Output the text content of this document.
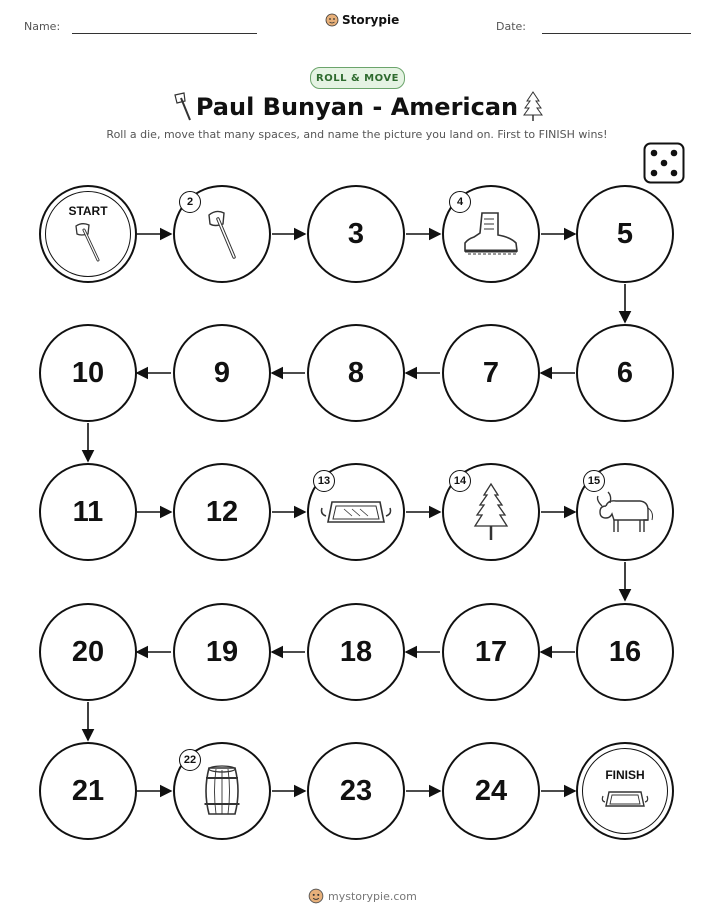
Name:	Storypie	Date:
ROLL & MOVE
Paul Bunyan - American
Roll a die, move that many spaces, and name the picture you land on. First to FINISH wins!
START
2
3
4
5
10	9	8	7	6
11	12
13	14	15
20	19	18	17	16
21
22
23	24	FINISH
mystorypie.com
